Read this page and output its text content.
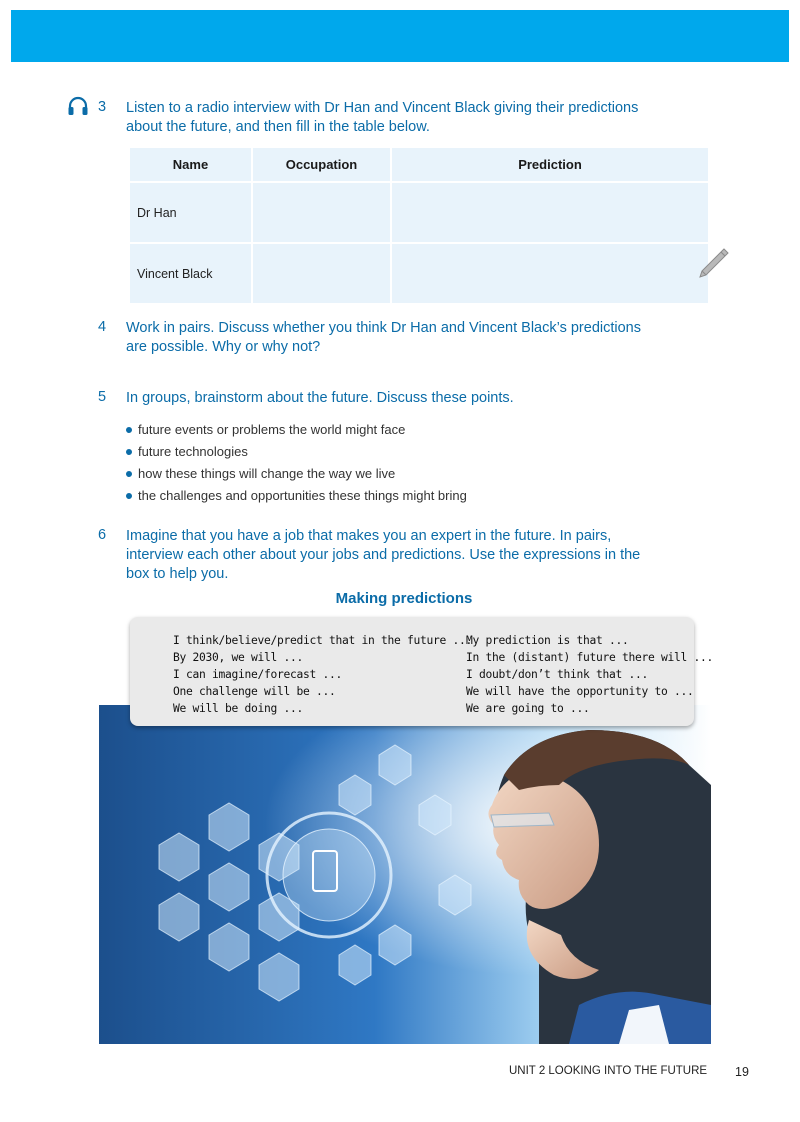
3	Listen to a radio interview with Dr Han and Vincent Black giving their predictions
about the future, and then fill in the table below.
Name	Occupation	Prediction
Dr Han		
Vincent Black		
4	Work in pairs. Discuss whether you think Dr Han and Vincent Black’s predictions
are possible. Why or why not?
5	In groups, brainstorm about the future. Discuss these points.
future events or problems the world might face
future technologies
how these things will change the way we live
the challenges and opportunities these things might bring
6	Imagine that you have a job that makes you an expert in the future. In pairs,
interview each other about your jobs and predictions. Use the expressions in the
box to help you.
Making predictions
I think/believe/predict that in the future ...
By 2030, we will ...
I can imagine/forecast ...
One challenge will be ...
We will be doing ...
My prediction is that ...
In the (distant) future there will ...
I doubt/don’t think that ...
We will have the opportunity to ...
We are going to ...
UNIT 2 LOOKING INTO THE FUTURE 19
